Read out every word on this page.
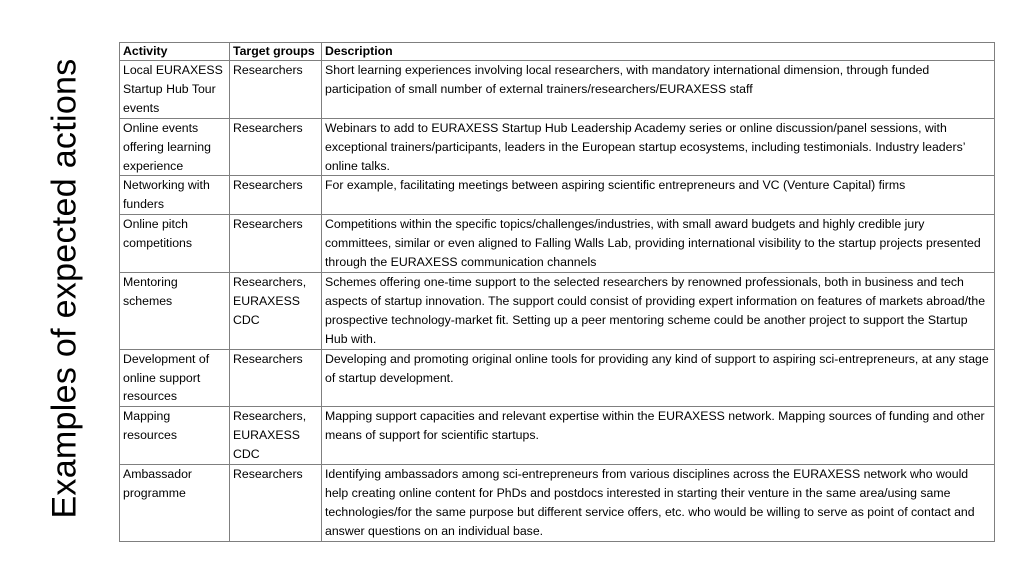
Examples of expected actions
Activity	Target groups	Description
Local EURAXESS Startup Hub Tour events	Researchers	Short learning experiences involving local researchers, with mandatory international dimension, through funded participation of small number of external trainers/researchers/EURAXESS staff
Online events offering learning experience	Researchers	Webinars to add to EURAXESS Startup Hub Leadership Academy series or online discussion/panel sessions, with exceptional trainers/participants, leaders in the European startup ecosystems, including testimonials. Industry leaders’ online talks.
Networking with funders	Researchers	For example, facilitating meetings between aspiring scientific entrepreneurs and VC (Venture Capital) firms
Online pitch competitions	Researchers	Competitions within the specific topics/challenges/industries, with small award budgets and highly credible jury committees, similar or even aligned to Falling Walls Lab, providing international visibility to the startup projects presented through the EURAXESS communication channels
Mentoring schemes	Researchers, EURAXESS CDC	Schemes offering one-time support to the selected researchers by renowned professionals, both in business and tech aspects of startup innovation. The support could consist of providing expert information on features of markets abroad/the prospective technology-market fit. Setting up a peer mentoring scheme could be another project to support the Startup Hub with.
Development of online support resources	Researchers	Developing and promoting original online tools for providing any kind of support to aspiring sci-entrepreneurs, at any stage of startup development.
Mapping resources	Researchers, EURAXESS CDC	Mapping support capacities and relevant expertise within the EURAXESS network. Mapping sources of funding and other means of support for scientific startups.
Ambassador programme	Researchers	Identifying ambassadors among sci-entrepreneurs from various disciplines across the EURAXESS network who would help creating online content for PhDs and postdocs interested in starting their venture in the same area/using same technologies/for the same purpose but different service offers, etc. who would be willing to serve as point of contact and answer questions on an individual base.
